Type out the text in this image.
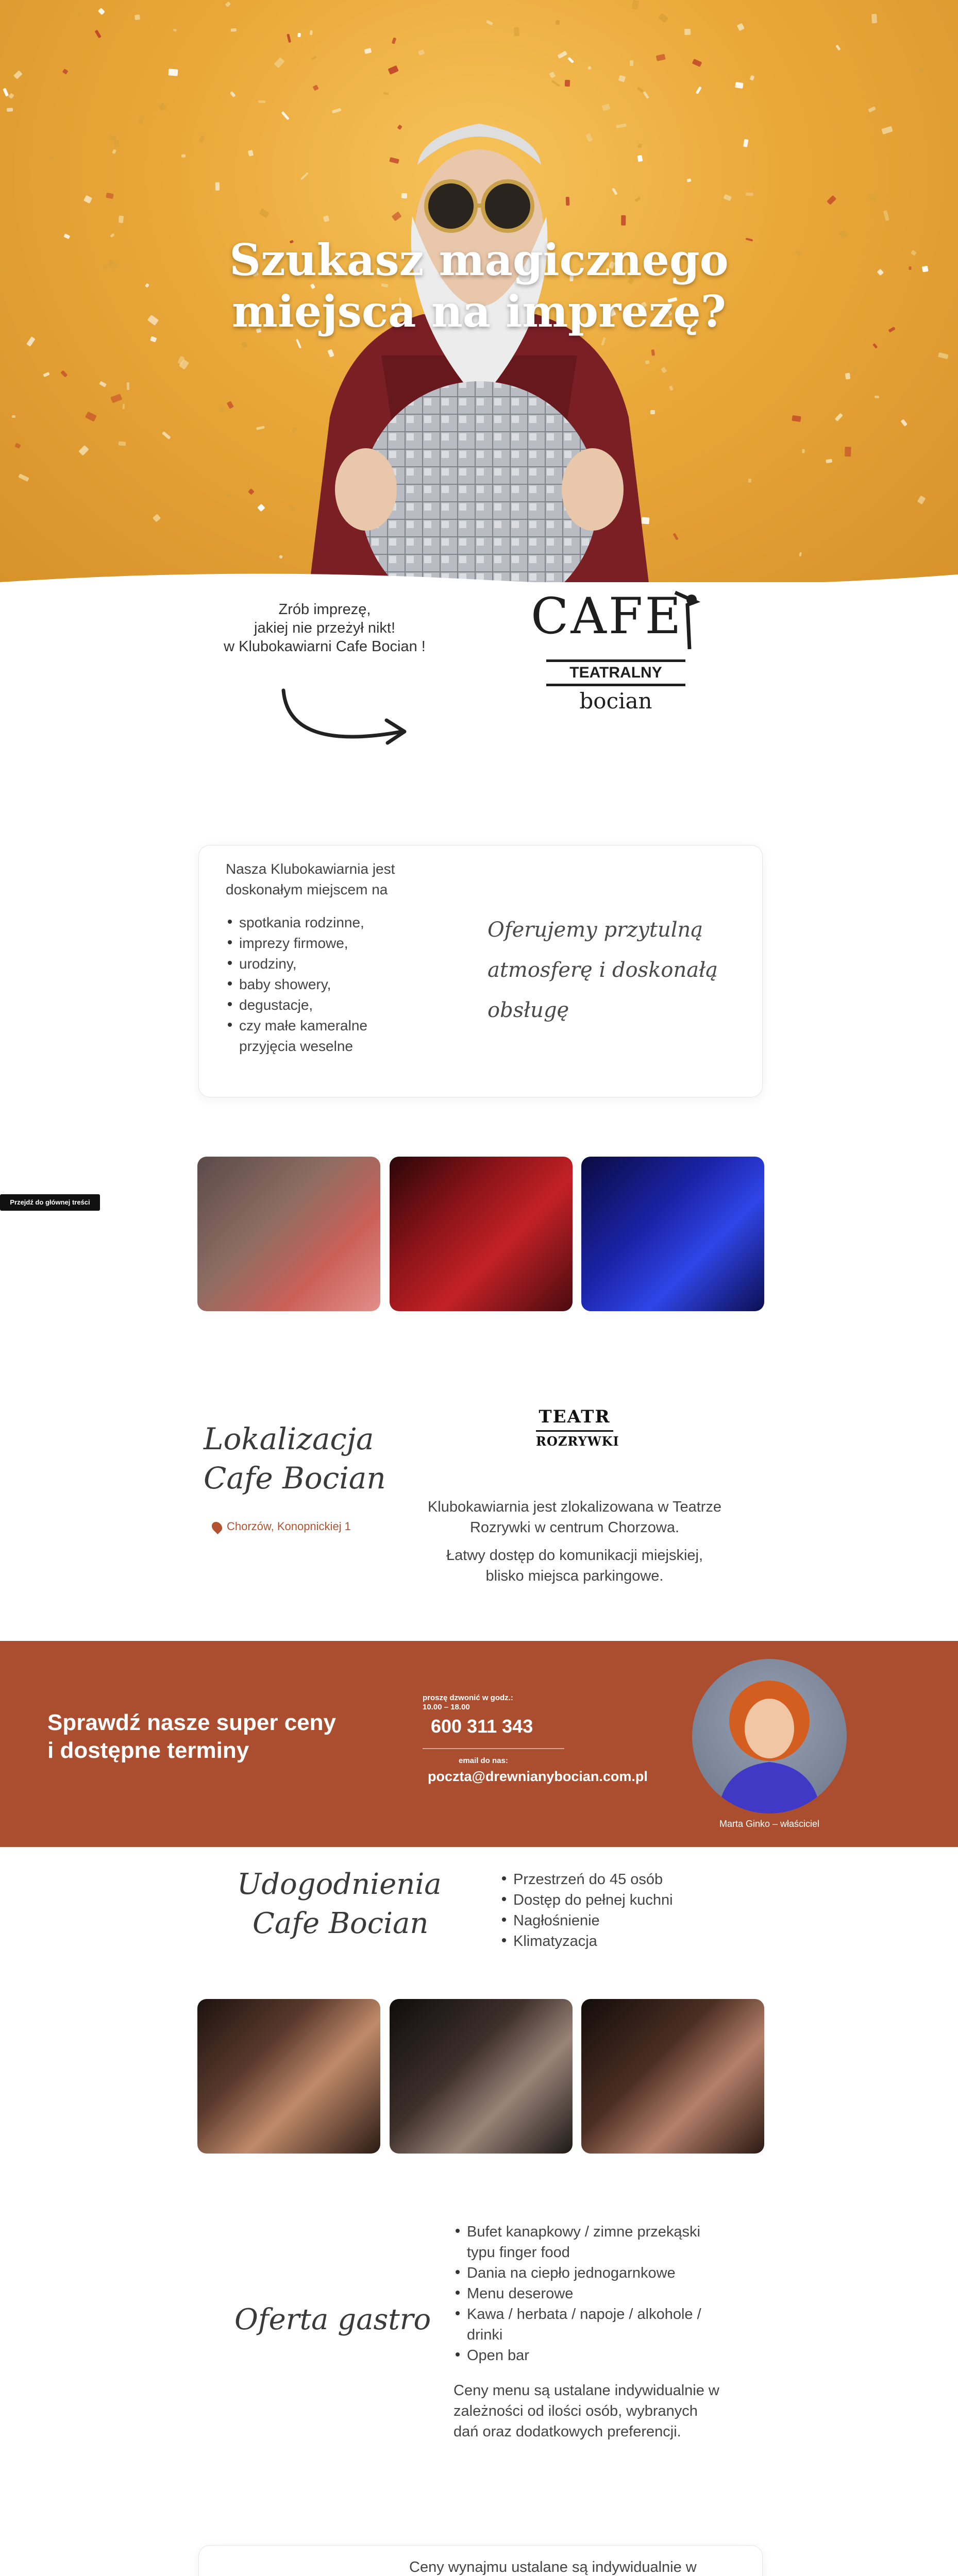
Szukasz magicznego
miejsca na imprezę?
Zrób imprezę,
jakiej nie przeżył nikt!
w Klubokawiarni Cafe Bocian !
CAFE
TEATRALNY
bocian
Nasza Klubokawiarnia jest
doskonałym miejscem na
spotkania rodzinne,
imprezy firmowe,
urodziny,
baby showery,
degustacje,
czy małe kameralne
przyjęcia weselne
Oferujemy przytulną
atmosferę i doskonałą
obsługę
Przejdź do głównej treści
Lokalizacja
Cafe Bocian
Chorzów, Konopnickiej 1
TEATR
ROZRYWKI
Klubokawiarnia jest zlokalizowana w Teatrze
Rozrywki w centrum Chorzowa.
Łatwy dostęp do komunikacji miejskiej,
blisko miejsca parkingowe.
Sprawdź nasze super ceny
i dostępne terminy
proszę dzwonić w godz.:
10.00 – 18.00
600 311 343
email do nas:
poczta@drewnianybocian.com.pl
Marta Ginko – właściciel
Udogodnienia
Cafe Bocian
Przestrzeń do 45 osób
Dostęp do pełnej kuchni
Nagłośnienie
Klimatyzacja
Oferta gastro
Bufet kanapkowy / zimne przekąski
typu finger food
Dania na ciepło jednogarnkowe
Menu deserowe
Kawa / herbata / napoje / alkohole /
drinki
Open bar
Ceny menu są ustalane indywidualnie w
zależności od ilości osób, wybranych
dań oraz dodatkowych preferencji.
Ceny wynajmu ustalane są indywidualnie w
